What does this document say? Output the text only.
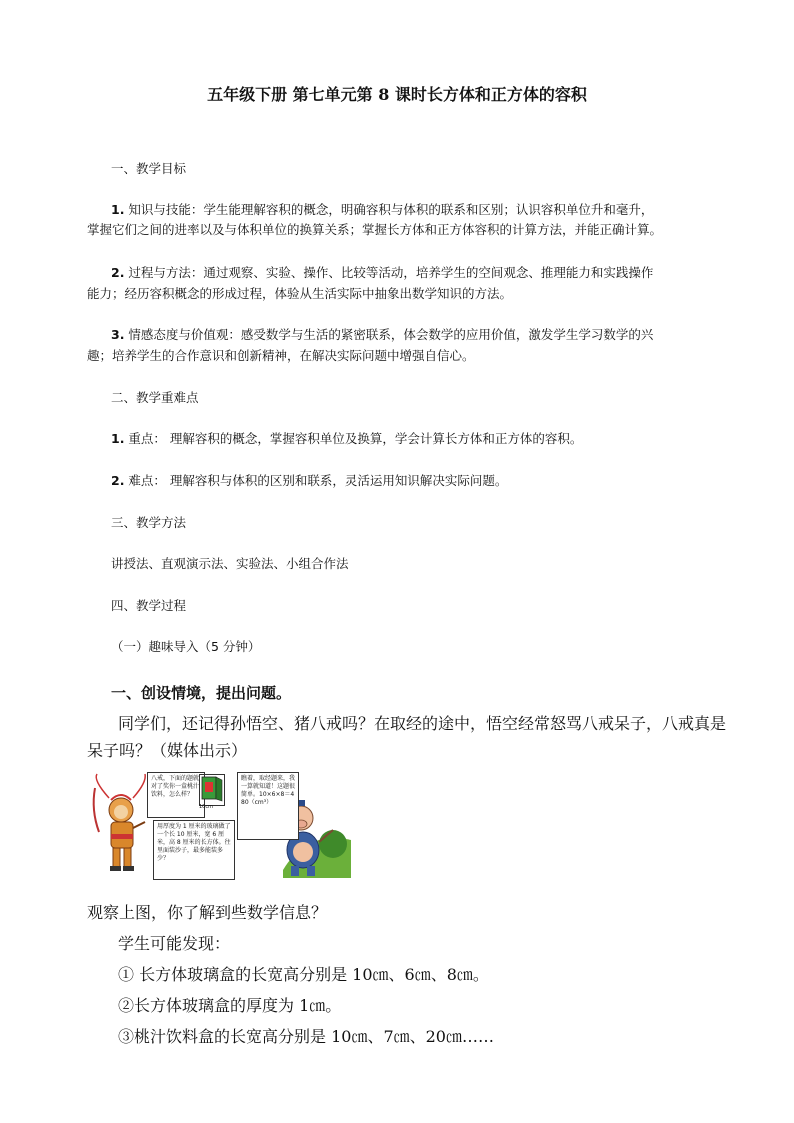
五年级下册 第七单元第 8 课时长方体和正方体的容积
一、教学目标
1. 知识与技能：学生能理解容积的概念，明确容积与体积的联系和区别；认识容积单位升和毫升，
掌握它们之间的进率以及与体积单位的换算关系；掌握长方体和正方体容积的计算方法，并能正确计算。
2. 过程与方法：通过观察、实验、操作、比较等活动，培养学生的空间观念、推理能力和实践操作
能力；经历容积概念的形成过程，体验从生活实际中抽象出数学知识的方法。
3. 情感态度与价值观：感受数学与生活的紧密联系，体会数学的应用价值，激发学生学习数学的兴
趣；培养学生的合作意识和创新精神，在解决实际问题中增强自信心。
二、教学重难点
1. 重点： 理解容积的概念，掌握容积单位及换算，学会计算长方体和正方体的容积。
2. 难点： 理解容积与体积的区别和联系，灵活运用知识解决实际问题。
三、教学方法
讲授法、直观演示法、实验法、小组合作法
四、教学过程
（一）趣味导入（5 分钟）
一、创设情境，提出问题。
同学们，还记得孙悟空、猪八戒吗？在取经的途中，悟空经常怒骂八戒呆子，八戒真是
呆子吗？（媒体出示）
八戒，下面的题就对了奖你一盒桃汁饮料，怎么样？
10cm
用厚度为 1 厘米的玻璃做了一个长 10 厘米，宽 6 厘米，高 8 厘米的长方体。往里面装沙子，最多能装多少？
瞧着，取经题来，我一算就知道！这题很简单。10×6×8＝480（cm³）
观察上图，你了解到些数学信息？
学生可能发现：
① 长方体玻璃盒的长宽高分别是 10㎝、6㎝、8㎝。
②长方体玻璃盒的厚度为 1㎝。
③桃汁饮料盒的长宽高分别是 10㎝、7㎝、20㎝……
